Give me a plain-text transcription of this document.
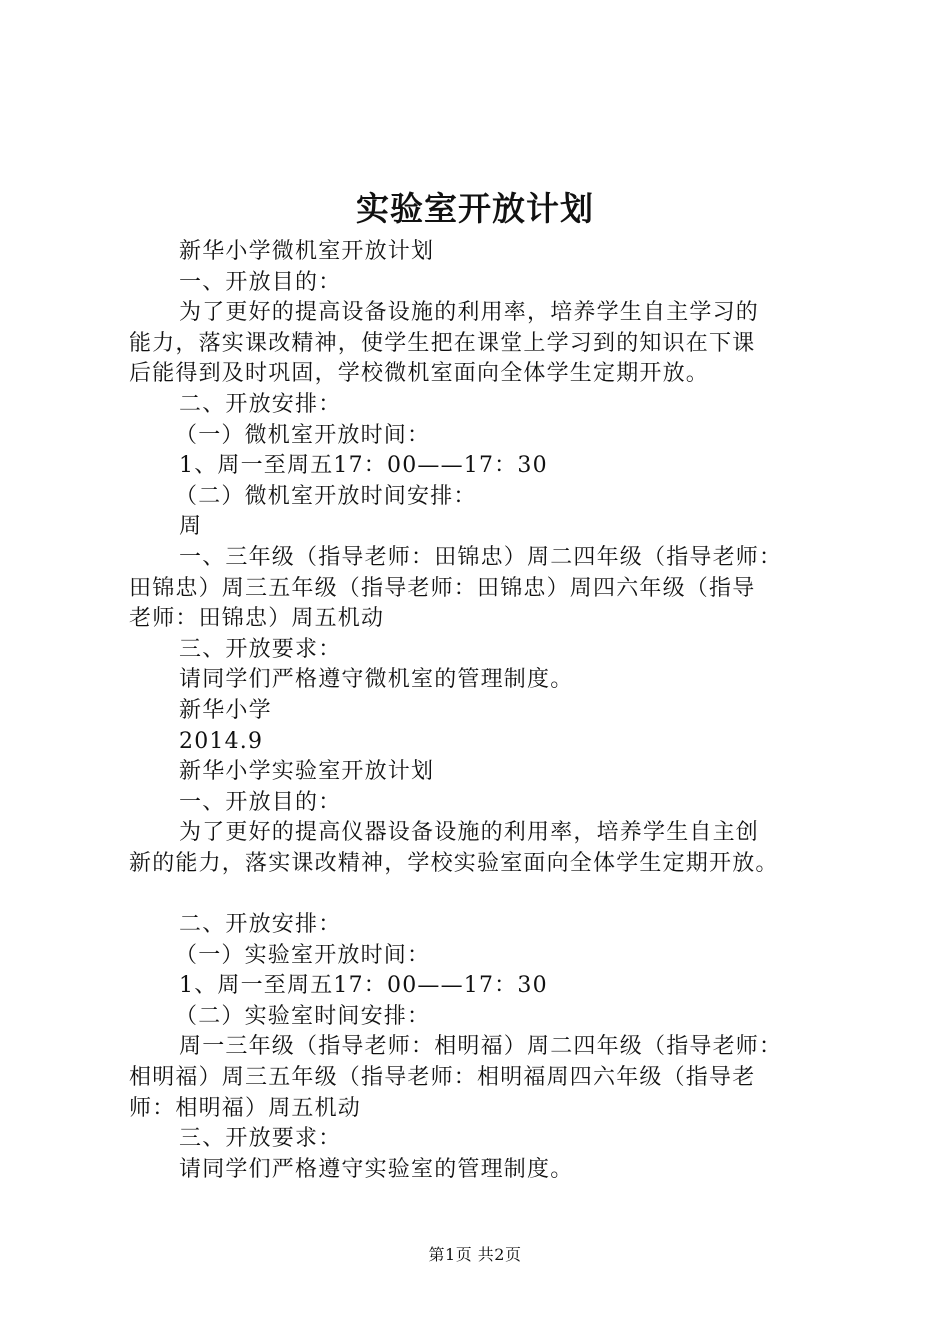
实验室开放计划

新华小学微机室开放计划

一、开放目的：

为了更好的提高设备设施的利用率，培养学生自主学习的

能力，落实课改精神，使学生把在课堂上学习到的知识在下课

后能得到及时巩固，学校微机室面向全体学生定期开放。

二、开放安排：

（一）微机室开放时间：

1、周一至周五17：00——17：30

（二）微机室开放时间安排：

周

一、三年级（指导老师：田锦忠）周二四年级（指导老师：

田锦忠）周三五年级（指导老师：田锦忠）周四六年级（指导

老师：田锦忠）周五机动

三、开放要求：

请同学们严格遵守微机室的管理制度。

新华小学

2014.9

新华小学实验室开放计划

一、开放目的：

为了更好的提高仪器设备设施的利用率，培养学生自主创

新的能力，落实课改精神，学校实验室面向全体学生定期开放。

二、开放安排：

（一）实验室开放时间：

1、周一至周五17：00——17：30

（二）实验室时间安排：

周一三年级（指导老师：相明福）周二四年级（指导老师：

相明福）周三五年级（指导老师：相明福周四六年级（指导老

师：相明福）周五机动

三、开放要求：

请同学们严格遵守实验室的管理制度。

第1页 共2页
